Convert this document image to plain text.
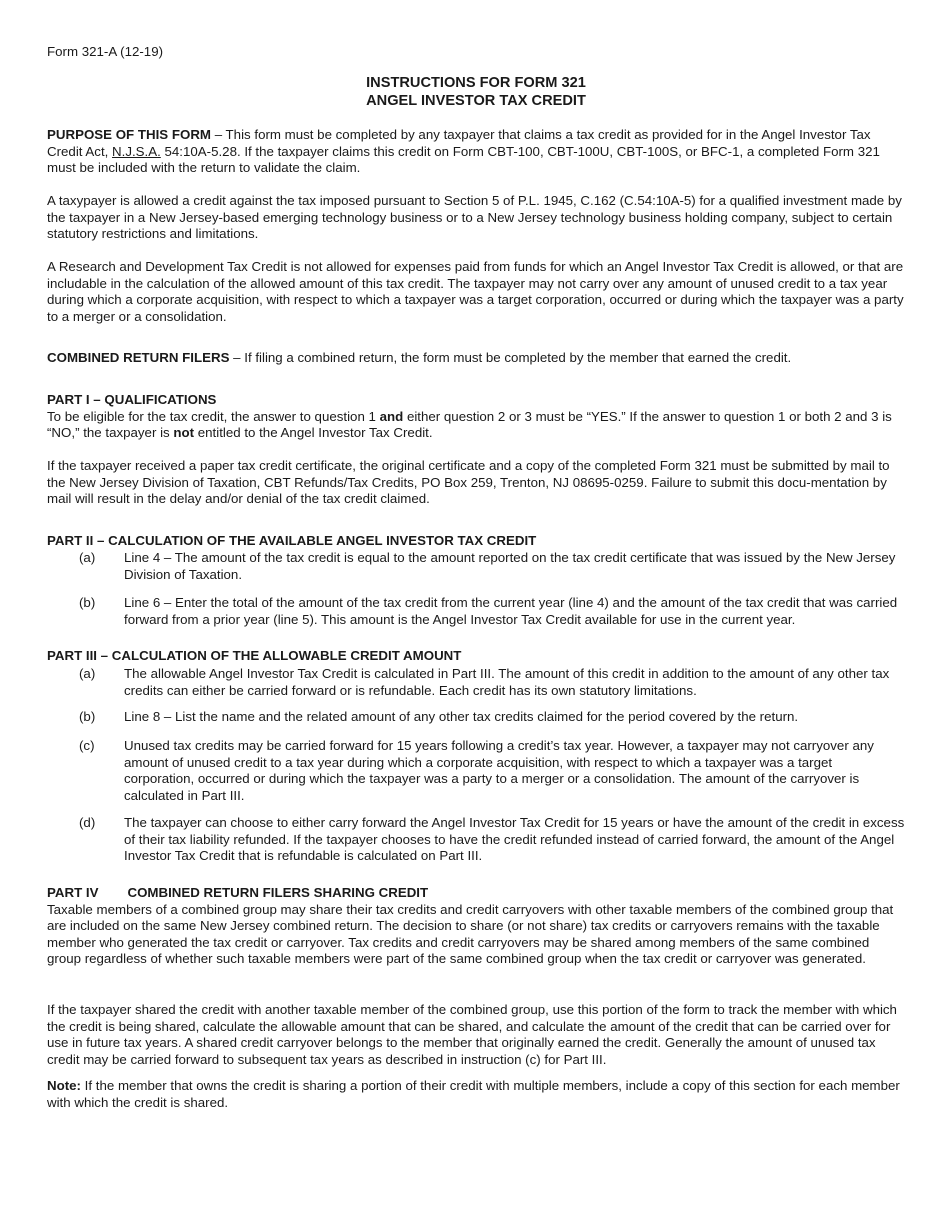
Form 321-A (12-19)
INSTRUCTIONS FOR FORM 321
ANGEL INVESTOR TAX CREDIT

PURPOSE OF THIS FORM – This form must be completed by any taxpayer that claims a tax credit as provided for in the Angel Investor Tax Credit Act, N.J.S.A. 54:10A-5.28. If the taxpayer claims this credit on Form CBT-100, CBT-100U, CBT-100S, or BFC-1, a completed Form 321 must be included with the return to validate the claim.

A taxypayer is allowed a credit against the tax imposed pursuant to Section 5 of P.L. 1945, C.162 (C.54:10A-5) for a qualified investment made by the taxpayer in a New Jersey-based emerging technology business or to a New Jersey technology business holding company, subject to certain statutory restrictions and limitations.

A Research and Development Tax Credit is not allowed for expenses paid from funds for which an Angel Investor Tax Credit is allowed, or that are includable in the calculation of the allowed amount of this tax credit. The taxpayer may not carry over any amount of unused credit to a tax year during which a corporate acquisition, with respect to which a taxpayer was a target corporation, occurred or during which the taxpayer was a party to a merger or a consolidation.

COMBINED RETURN FILERS – If filing a combined return, the form must be completed by the member that earned the credit.

PART I – QUALIFICATIONS

To be eligible for the tax credit, the answer to question 1 and either question 2 or 3 must be “YES.” If the answer to question 1 or both 2 and 3 is “NO,” the taxpayer is not entitled to the Angel Investor Tax Credit.

If the taxpayer received a paper tax credit certificate, the original certificate and a copy of the completed Form 321 must be submitted by mail to the New Jersey Division of Taxation, CBT Refunds/Tax Credits, PO Box 259, Trenton, NJ 08695-0259. Failure to submit this docu-mentation by mail will result in the delay and/or denial of the tax credit claimed.

PART II – CALCULATION OF THE AVAILABLE ANGEL INVESTOR TAX CREDIT

(a) Line 4 – The amount of the tax credit is equal to the amount reported on the tax credit certificate that was issued by the New Jersey Division of Taxation.
(b) Line 6 – Enter the total of the amount of the tax credit from the current year (line 4) and the amount of the tax credit that was carried forward from a prior year (line 5). This amount is the Angel Investor Tax Credit available for use in the current year.

PART III – CALCULATION OF THE ALLOWABLE CREDIT AMOUNT

(a) The allowable Angel Investor Tax Credit is calculated in Part III. The amount of this credit in addition to the amount of any other tax credits can either be carried forward or is refundable. Each credit has its own statutory limitations.
(b) Line 8 – List the name and the related amount of any other tax credits claimed for the period covered by the return.
(c) Unused tax credits may be carried forward for 15 years following a credit’s tax year. However, a taxpayer may not carryover any amount of unused credit to a tax year during which a corporate acquisition, with respect to which a taxpayer was a target corporation, occurred or during which the taxpayer was a party to a merger or a consolidation. The amount of the carryover is calculated in Part III.
(d) The taxpayer can choose to either carry forward the Angel Investor Tax Credit for 15 years or have the amount of the credit in excess of their tax liability refunded. If the taxpayer chooses to have the credit refunded instead of carried forward, the amount of the Angel Investor Tax Credit that is refundable is calculated on Part III.

PART IV COMBINED RETURN FILERS SHARING CREDIT

Taxable members of a combined group may share their tax credits and credit carryovers with other taxable members of the combined group that are included on the same New Jersey combined return. The decision to share (or not share) tax credits or carryovers remains with the taxable member who generated the tax credit or carryover. Tax credits and credit carryovers may be shared among members of the same combined group regardless of whether such taxable members were part of the same combined group when the tax credit or carryover was generated.

If the taxpayer shared the credit with another taxable member of the combined group, use this portion of the form to track the member with which the credit is being shared, calculate the allowable amount that can be shared, and calculate the amount of the credit that can be carried over for use in future tax years. A shared credit carryover belongs to the member that originally earned the credit. Generally the amount of unused tax credit may be carried forward to subsequent tax years as described in instruction (c) for Part III.

Note: If the member that owns the credit is sharing a portion of their credit with multiple members, include a copy of this section for each member with which the credit is shared.
